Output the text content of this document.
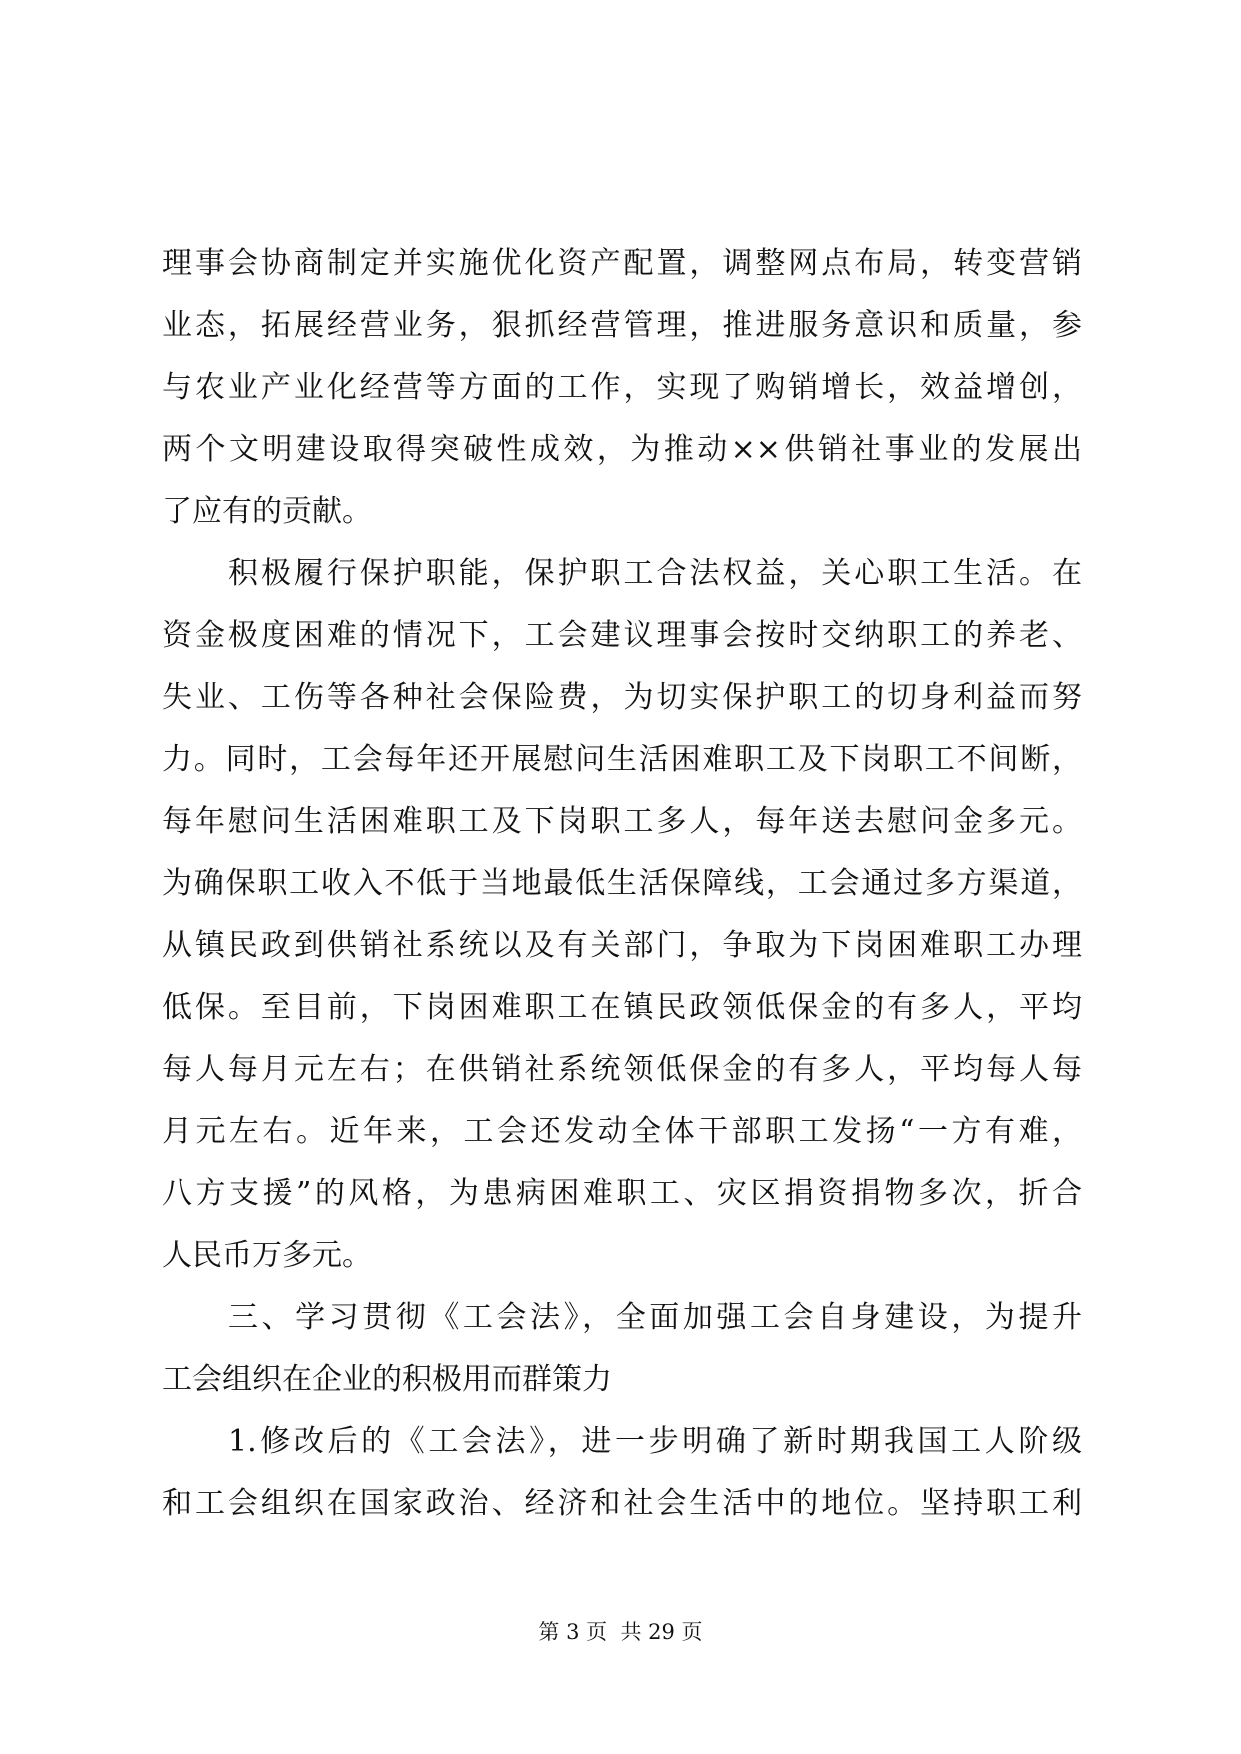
理事会协商制定并实施优化资产配置，调整网点布局，转变营销
业态，拓展经营业务，狠抓经营管理，推进服务意识和质量，参
与农业产业化经营等方面的工作，实现了购销增长，效益增创，
两个文明建设取得突破性成效，为推动××供销社事业的发展出
了应有的贡献。
积极履行保护职能，保护职工合法权益，关心职工生活。在
资金极度困难的情况下，工会建议理事会按时交纳职工的养老、
失业、工伤等各种社会保险费，为切实保护职工的切身利益而努
力。同时，工会每年还开展慰问生活困难职工及下岗职工不间断，
每年慰问生活困难职工及下岗职工多人，每年送去慰问金多元。
为确保职工收入不低于当地最低生活保障线，工会通过多方渠道，
从镇民政到供销社系统以及有关部门，争取为下岗困难职工办理
低保。至目前，下岗困难职工在镇民政领低保金的有多人，平均
每人每月元左右；在供销社系统领低保金的有多人，平均每人每
月元左右。近年来，工会还发动全体干部职工发扬“一方有难，
八方支援”的风格，为患病困难职工、灾区捐资捐物多次，折合
人民币万多元。
三、学习贯彻《工会法》，全面加强工会自身建设，为提升
工会组织在企业的积极用而群策力
1.修改后的《工会法》，进一步明确了新时期我国工人阶级
和工会组织在国家政治、经济和社会生活中的地位。坚持职工利
第 3 页  共 29 页
